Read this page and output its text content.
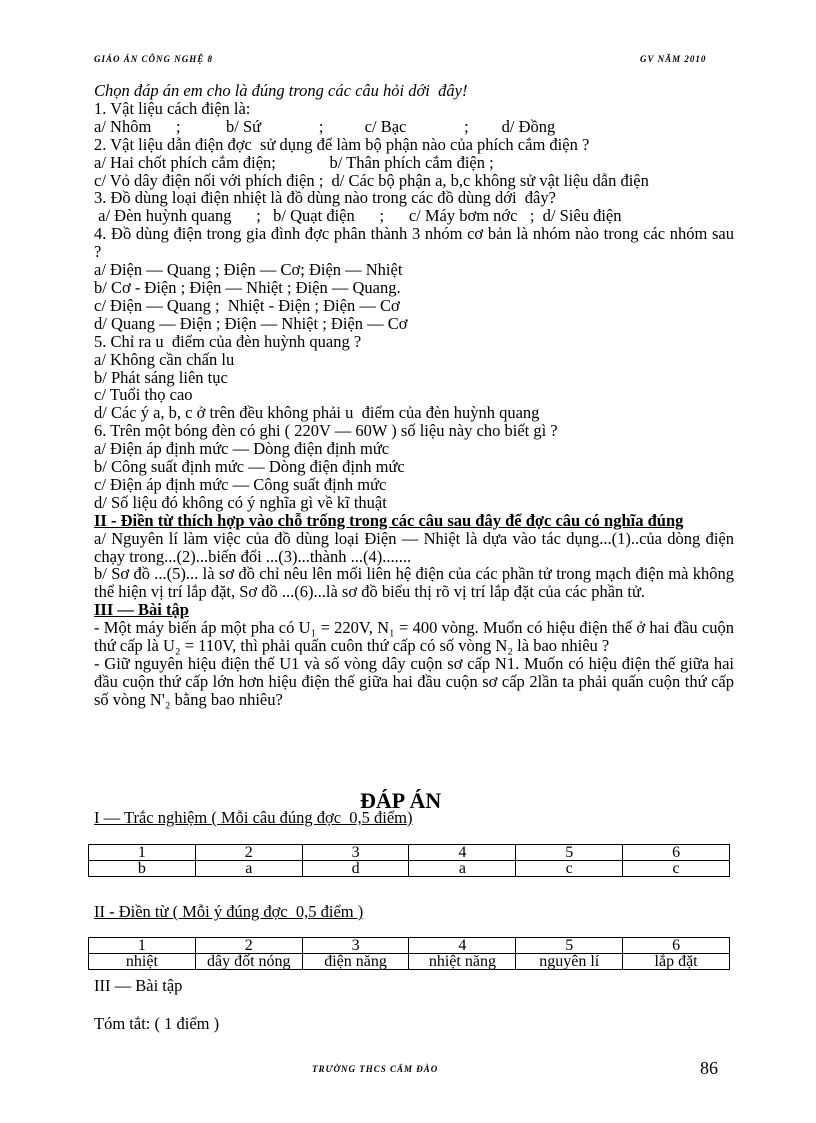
GIÁO ÁN CÔNG NGHỆ 8	GV NĂM 2010
Chọn đáp án em cho là đúng trong các câu hỏi dới  đây!
1. Vật liệu cách điện là:
a/ Nhôm      ;           b/ Sứ              ;          c/ Bạc              ;        d/ Đồng
2. Vật liệu dẫn điện đợc  sử dụng để làm bộ phận nào của phích cắm điện ?
a/ Hai chốt phích cắm điện;             b/ Thân phích cắm điện ;
c/ Vỏ dây điện nối với phích điện ;  d/ Các bộ phận a, b,c không sử vật liệu dẫn điện
3. Đồ dùng loại điện nhiệt là đồ dùng nào trong các đồ dùng dới  đây?
a/ Đèn huỳnh quang      ;   b/ Quạt điện      ;      c/ Máy bơm nớc   ;  d/ Siêu điện
4. Đồ dùng điện trong gia đình đợc phân thành 3 nhóm cơ bản là nhóm nào trong các nhóm sau ?
a/ Điện — Quang ; Điện — Cơ; Điện — Nhiệt
b/ Cơ - Điện ; Điện — Nhiệt ; Điện — Quang.
c/ Điện — Quang ;  Nhiệt - Điện ; Điện — Cơ
d/ Quang — Điện ; Điện — Nhiệt ; Điện — Cơ
5. Chỉ ra u  điểm của đèn huỳnh quang ?
a/ Không cần chấn lu
b/ Phát sáng liên tục
c/ Tuổi thọ cao
d/ Các ý a, b, c ở trên đều không phải u  điểm của đèn huỳnh quang
6. Trên một bóng đèn có ghi ( 220V — 60W ) số liệu này cho biết gì ?
a/ Điện áp định mức — Dòng điện định mức
b/ Công suất định mức — Dòng điện định mức
c/ Điện áp định mức — Công suất định mức
d/ Số liệu đó không có ý nghĩa gì về kĩ thuật
II - Điền từ thích hợp vào chỗ trống trong các câu sau đây để đợc câu có nghĩa đúng
a/ Nguyên lí làm việc của đồ dùng loại Điện — Nhiệt là dựa vào tác dụng...(1)..của dòng điện chạy trong...(2)...biến đổi ...(3)...thành ...(4).......
b/ Sơ đồ ...(5)... là sơ đồ chỉ nêu lên mối liên hệ điện của các phần tử trong mạch điện mà không thể hiện vị trí lắp đặt, Sơ đồ ...(6)...là sơ đồ biểu thị rõ vị trí lắp đặt của các phần tử.
III — Bài tập
- Một máy biến áp một pha có U₁ = 220V, N₁ = 400 vòng. Muốn có hiệu điện thế ở hai đầu cuộn thứ cấp là U₂ = 110V, thì phải quấn cuôn thứ cấp có số vòng N₂ là bao nhiêu ?
- Giữ nguyên hiệu điện thế U1 và số vòng dây cuộn sơ cấp N1. Muốn có hiệu điện thế giữa hai đầu cuộn thứ cấp lớn hơn hiệu điện thế giữa hai đầu cuộn sơ cấp 2lần ta phải quấn cuộn thứ cấp số vòng N'₂ bằng bao nhiêu?
ĐÁP ÁN
I — Trắc nghiệm ( Mỗi câu đúng đợc  0,5 điểm)
1	2	3	4	5	6
b	a	d	a	c	c
II - Điền từ ( Mỗi ý đúng đợc  0,5 điểm )
1	2	3	4	5	6
nhiệt	dây đốt nóng	điện năng	nhiệt năng	nguyên lí	lắp đặt
III — Bài tập
Tóm tắt: ( 1 điểm )
TRƯỜNG THCS CẨM ĐÀO	86
